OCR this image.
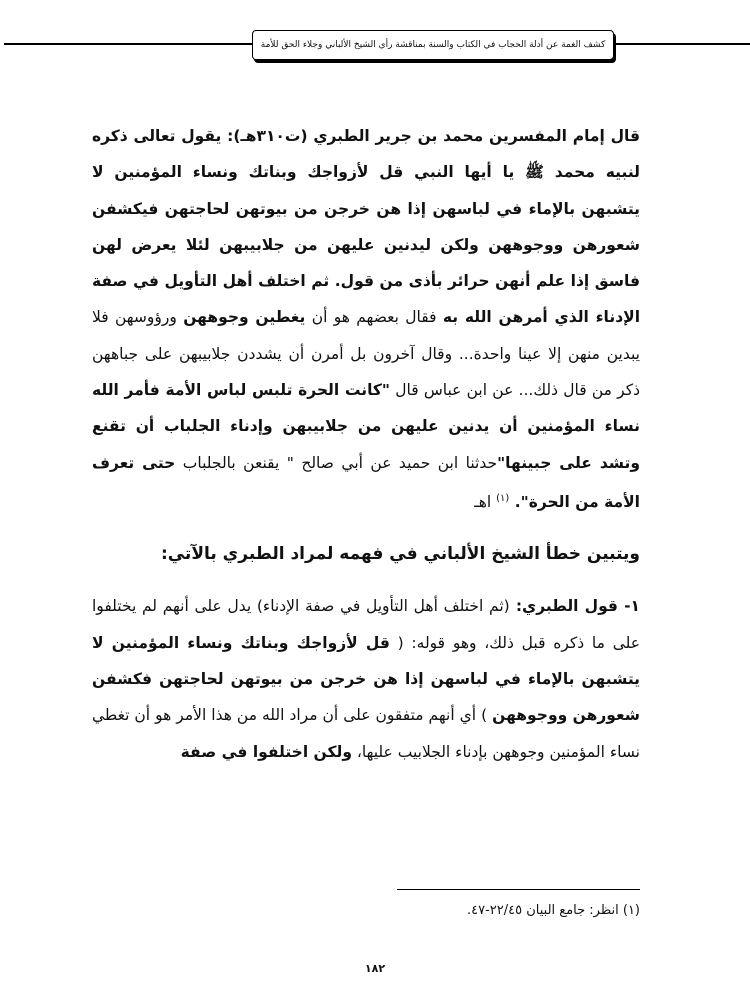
كشف الغمة عن أدلة الحجاب في الكتاب والسنة بمناقشة رأي الشيخ الألباني وجلاء الحق للأمة

قال إمام المفسرين محمد بن جرير الطبري (ت٣١٠هـ): يقول تعالى ذكره لنبيه محمد ﷺ يا أيها النبي قل لأزواجك وبناتك ونساء المؤمنين لا يتشبهن بالإماء في لباسهن إذا هن خرجن من بيوتهن لحاجتهن فيكشفن شعورهن ووجوههن ولكن ليدنين عليهن من جلابيبهن لئلا يعرض لهن فاسق إذا علم أنهن حرائر بأذى من قول. ثم اختلف أهل التأويل في صفة الإدناء الذي أمرهن الله به فقال بعضهم هو أن يغطين وجوههن ورؤوسهن فلا يبدين منهن إلا عينا واحدة... وقال آخرون بل أمرن أن يشددن جلابيبهن على جباههن ذكر من قال ذلك... عن ابن عباس قال "كانت الحرة تلبس لباس الأمة فأمر الله نساء المؤمنين أن يدنين عليهن من جلابيبهن وإدناء الجلباب أن تقنع وتشد على جبينها"حدثنا ابن حميد عن أبي صالح " يقنعن بالجلباب حتى تعرف الأمة من الحرة". $^{(١)}$ اهـ

ويتبين خطأ الشيخ الألباني في فهمه لمراد الطبري بالآتي:

١- قول الطبري: (ثم اختلف أهل التأويل في صفة الإدناء) يدل على أنهم لم يختلفوا على ما ذكره قبل ذلك، وهو قوله: ( قل لأزواجك وبناتك ونساء المؤمنين لا يتشبهن بالإماء في لباسهن إذا هن خرجن من بيوتهن لحاجتهن فكشفن شعورهن ووجوههن ) أي أنهم متفقون على أن مراد الله من هذا الأمر هو أن تغطي نساء المؤمنين وجوههن بإدناء الجلابيب عليها، ولكن اختلفوا في صفة

(١) انظر: جامع البيان ٢٢/٤٥-٤٧.
١٨٢
